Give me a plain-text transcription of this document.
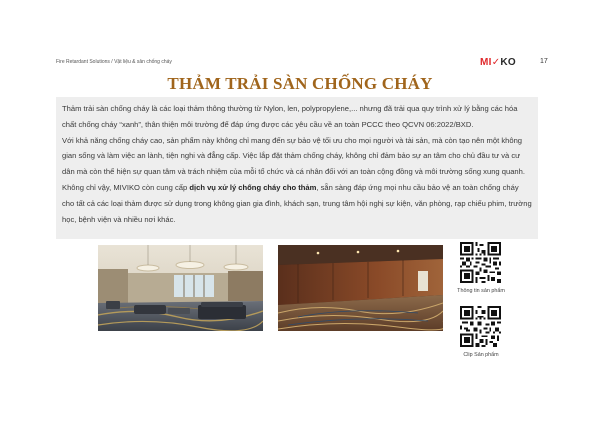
Fire Retardant Solutions / Vật liệu & sản chống cháy	MI✓KO	17
THẢM TRẢI SÀN CHỐNG CHÁY

Thảm trải sàn chống cháy là các loại thảm thông thường từ Nylon, len, polypropylene,... nhưng đã trải qua quy trình xử lý bằng các hóa chất chống cháy “xanh”, thân thiện môi trường để đáp ứng được các yêu cầu về an toàn PCCC theo QCVN 06:2022/BXD.

Với khả năng chống cháy cao, sản phẩm này không chỉ mang đến sự bảo vệ tối ưu cho mọi người và tài sản, mà còn tạo nên một không gian sống và làm việc an lành, tiện nghi và đẳng cấp. Việc lắp đặt thảm chống cháy, không chỉ đảm bảo sự an tâm cho chủ đầu tư và cư dân mà còn thể hiện sự quan tâm và trách nhiệm của mỗi tổ chức và cá nhân đối với an toàn cộng đồng và môi trường sống xung quanh.

Không chỉ vậy, MIVIKO còn cung cấp dịch vụ xử lý chống cháy cho thảm, sẵn sàng đáp ứng mọi nhu cầu bảo vệ an toàn chống cháy cho tất cả các loại thảm được sử dụng trong không gian gia đình, khách sạn, trung tâm hội nghị sự kiện, văn phòng, rạp chiếu phim, trường học, bệnh viện và nhiều nơi khác.

Thông tin sản phẩm
Clip Sản phẩm
